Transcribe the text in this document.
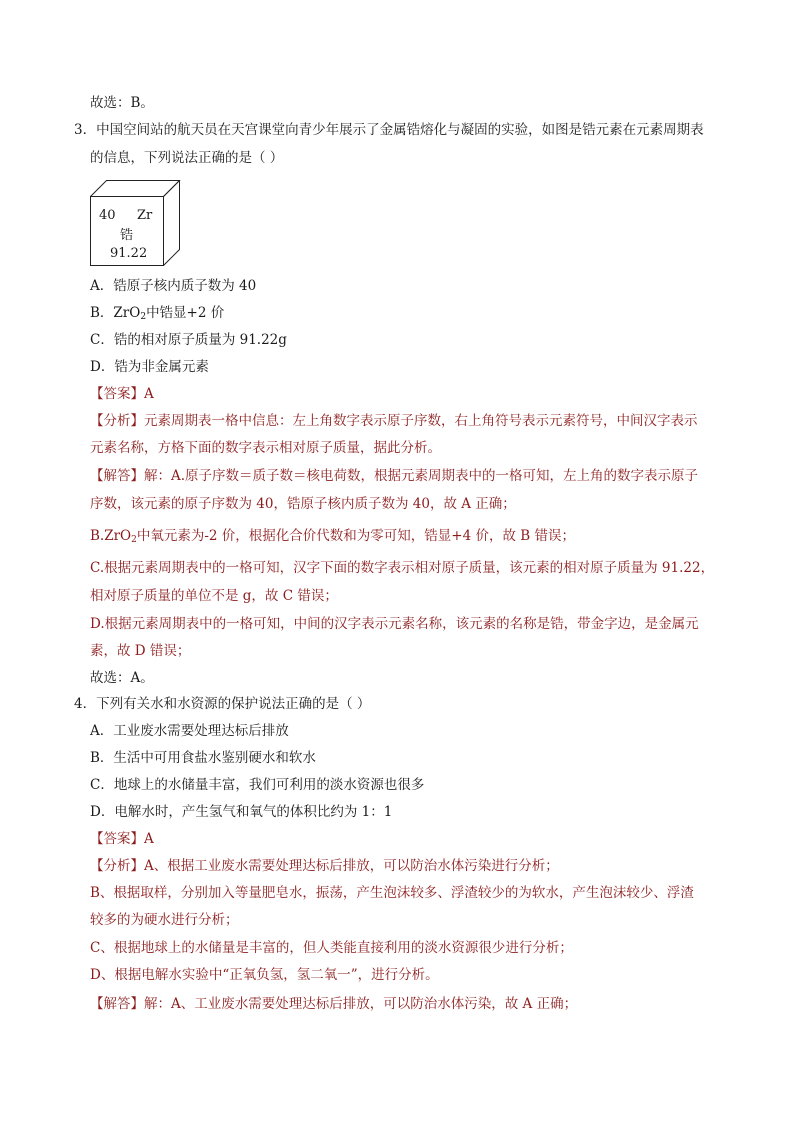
故选：B。
3．中国空间站的航天员在天宫课堂向青少年展示了金属锆熔化与凝固的实验，如图是锆元素在元素周期表
的信息，下列说法正确的是（ ）
40 Zr
锆
91.22
A．锆原子核内质子数为 40
B．ZrO$_2$中锆显+2 价
C．锆的相对原子质量为 91.22g
D．锆为非金属元素
【答案】A
【分析】元素周期表一格中信息：左上角数字表示原子序数，右上角符号表示元素符号，中间汉字表示
元素名称，方格下面的数字表示相对原子质量，据此分析。
【解答】解：A.原子序数＝质子数＝核电荷数，根据元素周期表中的一格可知，左上角的数字表示原子
序数，该元素的原子序数为 40，锆原子核内质子数为 40，故 A 正确；
B.ZrO$_2$中氧元素为-2 价，根据化合价代数和为零可知，锆显+4 价，故 B 错误；
C.根据元素周期表中的一格可知，汉字下面的数字表示相对原子质量，该元素的相对原子质量为 91.22，
相对原子质量的单位不是 g，故 C 错误；
D.根据元素周期表中的一格可知，中间的汉字表示元素名称，该元素的名称是锆，带金字边，是金属元
素，故 D 错误；
故选：A。
4．下列有关水和水资源的保护说法正确的是（ ）
A．工业废水需要处理达标后排放
B．生活中可用食盐水鉴别硬水和软水
C．地球上的水储量丰富，我们可利用的淡水资源也很多
D．电解水时，产生氢气和氧气的体积比约为 1：1
【答案】A
【分析】A、根据工业废水需要处理达标后排放，可以防治水体污染进行分析；
B、根据取样，分别加入等量肥皂水，振荡，产生泡沫较多、浮渣较少的为软水，产生泡沫较少、浮渣
较多的为硬水进行分析；
C、根据地球上的水储量是丰富的，但人类能直接利用的淡水资源很少进行分析；
D、根据电解水实验中“正氧负氢，氢二氧一”，进行分析。
【解答】解：A、工业废水需要处理达标后排放，可以防治水体污染，故 A 正确；
